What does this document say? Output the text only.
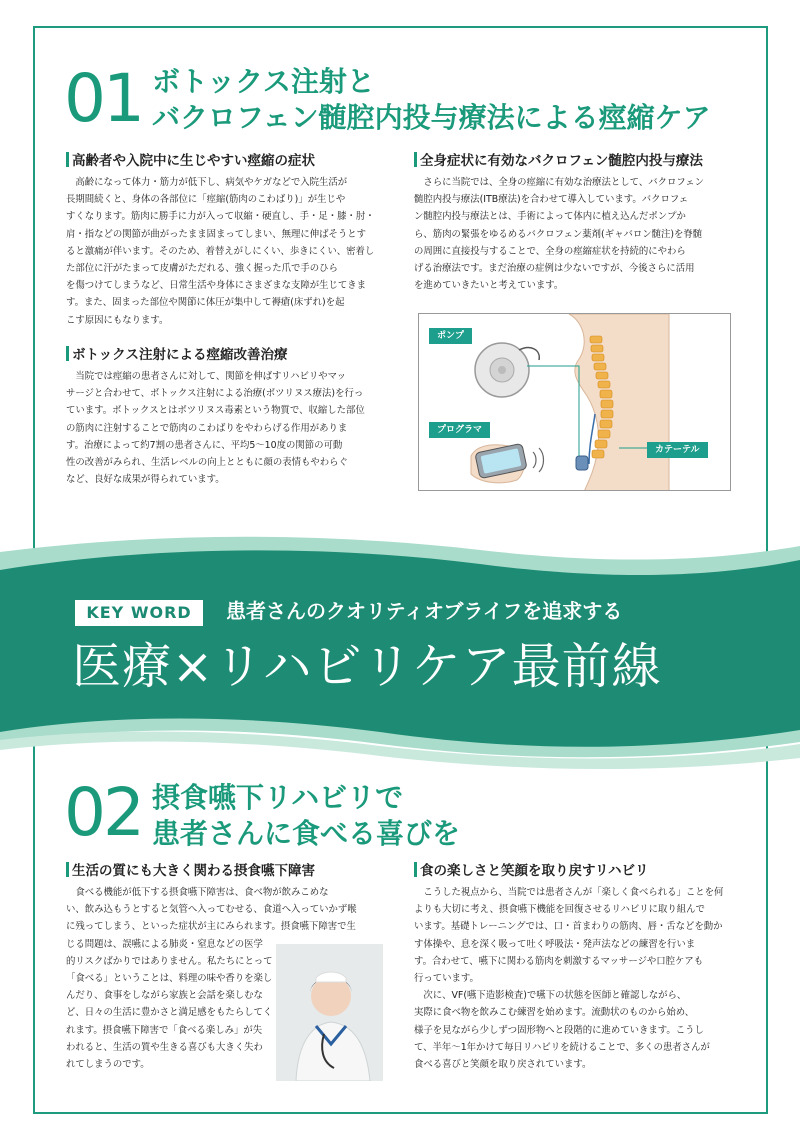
01 ボトックス注射と
バクロフェン髄腔内投与療法による痙縮ケア
高齢者や入院中に生じやすい痙縮の症状
高齢になって体力・筋力が低下し、病気やケガなどで入院生活が
長期間続くと、身体の各部位に「痙縮(筋肉のこわばり)」が生じや
すくなります。筋肉に勝手に力が入って収縮・硬直し、手・足・膝・肘・
肩・指などの関節が曲がったまま固まってしまい、無理に伸ばそうとす
ると激痛が伴います。そのため、着替えがしにくい、歩きにくい、密着し
た部位に汗がたまって皮膚がただれる、強く握った爪で手のひら
を傷つけてしまうなど、日常生活や身体にさまざまな支障が生じてきま
す。また、固まった部位や関節に体圧が集中して褥瘡(床ずれ)を起
こす原因にもなります。
ボトックス注射による痙縮改善治療
当院では痙縮の患者さんに対して、関節を伸ばすリハビリやマッ
サージと合わせて、ボトックス注射による治療(ボツリヌス療法)を行っ
ています。ボトックスとはボツリヌス毒素という物質で、収縮した部位
の筋肉に注射することで筋肉のこわばりをやわらげる作用がありま
す。治療によって約7割の患者さんに、平均5〜10度の関節の可動
性の改善がみられ、生活レベルの向上とともに顔の表情もやわらぐ
など、良好な成果が得られています。
全身症状に有効なバクロフェン髄腔内投与療法
さらに当院では、全身の痙縮に有効な治療法として、バクロフェン
髄腔内投与療法(ITB療法)を合わせて導入しています。バクロフェ
ン髄腔内投与療法とは、手術によって体内に植え込んだポンプか
ら、筋肉の緊張をゆるめるバクロフェン薬剤(ギャバロン髄注)を脊髄
の周囲に直接投与することで、全身の痙縮症状を持続的にやわら
げる治療法です。まだ治療の症例は少ないですが、今後さらに活用
を進めていきたいと考えています。
ポンプ
プログラマ
カテーテル
KEY WORD	患者さんのクオリティオブライフを追求する
医療×リハビリケア最前線
02 摂食嚥下リハビリで
患者さんに食べる喜びを
生活の質にも大きく関わる摂食嚥下障害
食べる機能が低下する摂食嚥下障害は、食べ物が飲みこめな
い、飲み込もうとすると気管へ入ってむせる、食道へ入っていかず喉
に残ってしまう、といった症状が主にみられます。摂食嚥下障害で生
じる問題は、誤嚥による肺炎・窒息などの医学
的リスクばかりではありません。私たちにとって
「食べる」ということは、料理の味や香りを楽し
んだり、食事をしながら家族と会話を楽しむな
ど、日々の生活に豊かさと満足感をもたらしてく
れます。摂食嚥下障害で「食べる楽しみ」が失
われると、生活の質や生きる喜びも大きく失わ
れてしまうのです。
食の楽しさと笑顔を取り戻すリハビリ
こうした視点から、当院では患者さんが「楽しく食べられる」ことを何
よりも大切に考え、摂食嚥下機能を回復させるリハビリに取り組んで
います。基礎トレーニングでは、口・首まわりの筋肉、唇・舌などを動か
す体操や、息を深く吸って吐く呼吸法・発声法などの練習を行いま
す。合わせて、嚥下に関わる筋肉を刺激するマッサージや口腔ケアも
行っています。
次に、VF(嚥下造影検査)で嚥下の状態を医師と確認しながら、
実際に食べ物を飲みこむ練習を始めます。流動状のものから始め、
様子を見ながら少しずつ固形物へと段階的に進めていきます。こうし
て、半年〜1年かけて毎日リハビリを続けることで、多くの患者さんが
食べる喜びと笑顔を取り戻されています。
